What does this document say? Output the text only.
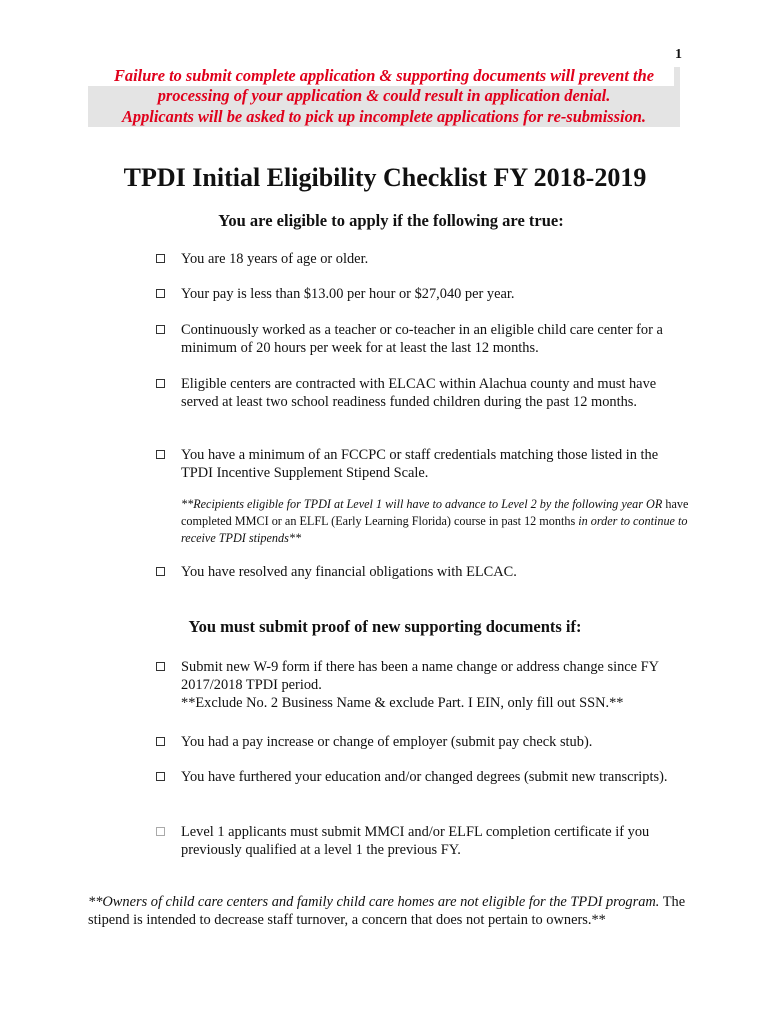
1
Failure to submit complete application & supporting documents will prevent the
processing of your application & could result in application denial.
Applicants will be asked to pick up incomplete applications for re-submission.
TPDI Initial Eligibility Checklist FY 2018-2019
You are eligible to apply if the following are true:
You are 18 years of age or older.
Your pay is less than $13.00 per hour or $27,040 per year.
Continuously worked as a teacher or co-teacher in an eligible child care center for a minimum of 20 hours per week for at least the last 12 months.
Eligible centers are contracted with ELCAC within Alachua county and must have served at least two school readiness funded children during the past 12 months.
You have a minimum of an FCCPC or staff credentials matching those listed in the TPDI Incentive Supplement Stipend Scale.
**Recipients eligible for TPDI at Level 1 will have to advance to Level 2 by the following year OR have completed MMCI or an ELFL (Early Learning Florida) course in past 12 months in order to continue to receive TPDI stipends**
You have resolved any financial obligations with ELCAC.
You must submit proof of new supporting documents if:
Submit new W-9 form if there has been a name change or address change since FY 2017/2018 TPDI period.
**Exclude No. 2 Business Name & exclude Part. I EIN, only fill out SSN.**
You had a pay increase or change of employer (submit pay check stub).
You have furthered your education and/or changed degrees (submit new transcripts).
Level 1 applicants must submit MMCI and/or ELFL completion certificate if you previously qualified at a level 1 the previous FY.
**Owners of child care centers and family child care homes are not eligible for the TPDI program. The stipend is intended to decrease staff turnover, a concern that does not pertain to owners.**
